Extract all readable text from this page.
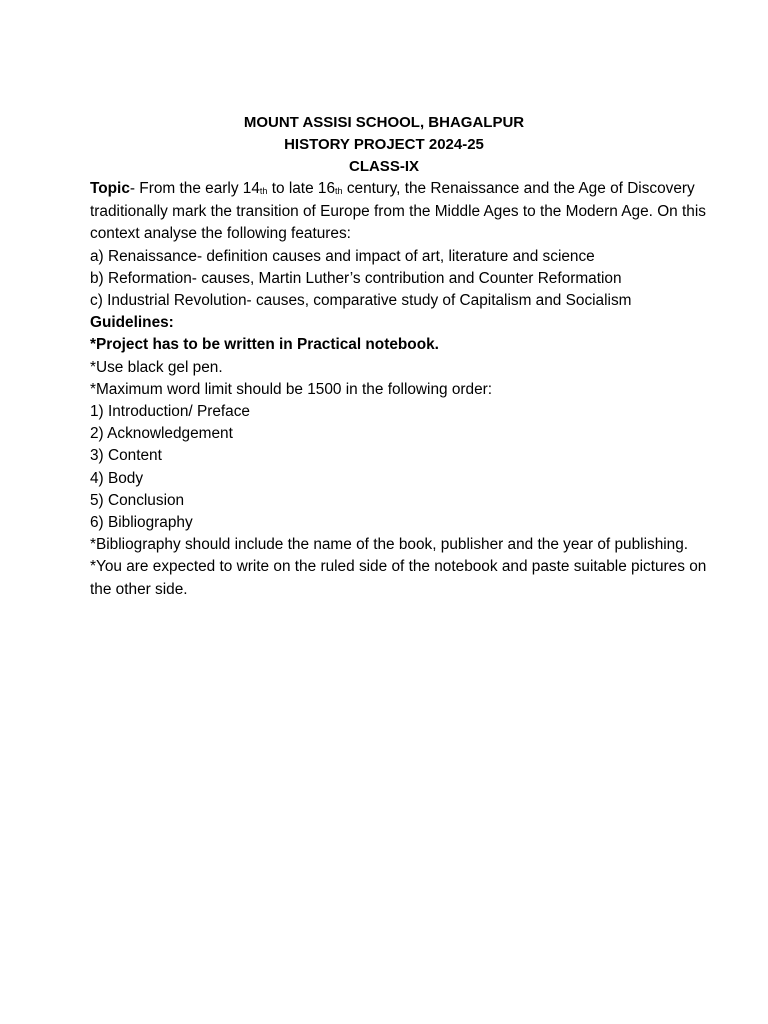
MOUNT ASSISI SCHOOL, BHAGALPUR
HISTORY PROJECT 2024-25
CLASS-IX

Topic- From the early $14_{th}$ to late $16_{th}$ century, the Renaissance and the Age of Discovery traditionally mark the transition of Europe from the Middle Ages to the Modern Age. On this context analyse the following features:

a) Renaissance- definition causes and impact of art, literature and science

b) Reformation- causes, Martin Luther’s contribution and Counter Reformation

c) Industrial Revolution- causes, comparative study of Capitalism and Socialism

Guidelines:

*Project has to be written in Practical notebook.

*Use black gel pen.

*Maximum word limit should be 1500 in the following order:

1) Introduction/ Preface

2) Acknowledgement

3) Content

4) Body

5) Conclusion

6) Bibliography

*Bibliography should include the name of the book, publisher and the year of publishing.

*You are expected to write on the ruled side of the notebook and paste suitable pictures on the other side.
